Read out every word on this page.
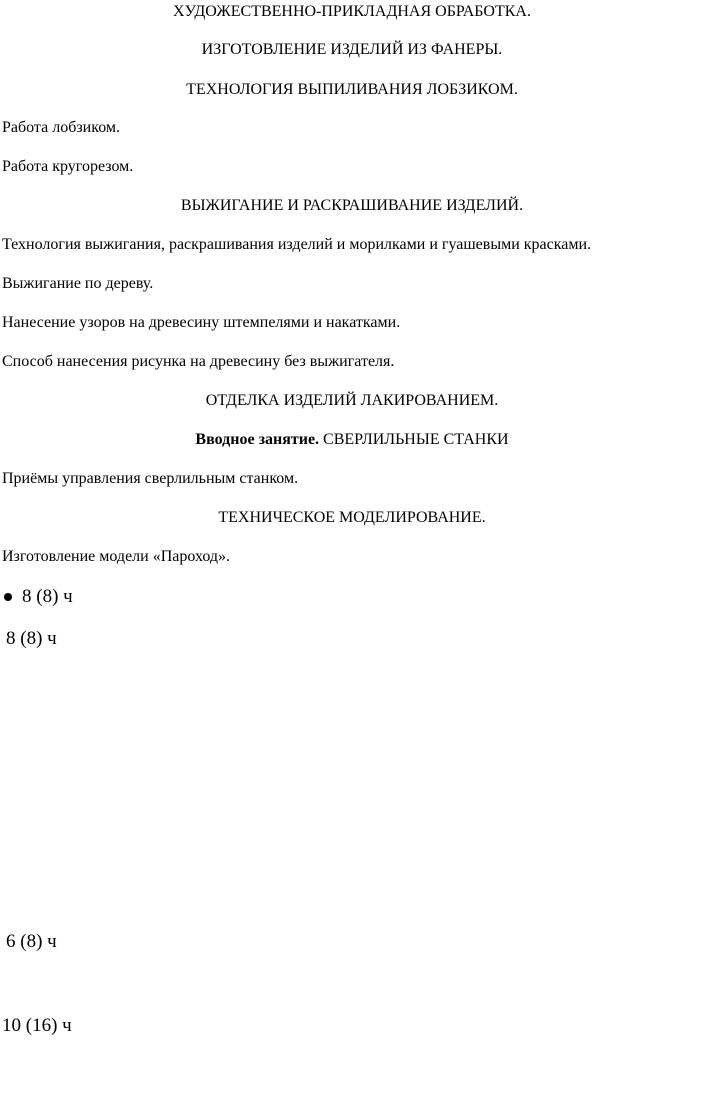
ХУДОЖЕСТВЕННО-ПРИКЛАДНАЯ ОБРАБОТКА.
ИЗГОТОВЛЕНИЕ ИЗДЕЛИЙ ИЗ ФАНЕРЫ.
ТЕХНОЛОГИЯ ВЫПИЛИВАНИЯ ЛОБЗИКОМ.
Работа лобзиком.
Работа кругорезом.
ВЫЖИГАНИЕ И РАСКРАШИВАНИЕ ИЗДЕЛИЙ.
Технология выжигания, раскрашивания изделий и морилками и гуашевыми красками.
Выжигание по дереву.
Нанесение узоров на древесину штемпелями и накатками.
Способ нанесения рисунка на древесину без выжигателя.
ОТДЕЛКА ИЗДЕЛИЙ ЛАКИРОВАНИЕМ.
Вводное занятие. СВЕРЛИЛЬНЫЕ СТАНКИ
Приёмы управления сверлильным станком.
ТЕХНИЧЕСКОЕ МОДЕЛИРОВАНИЕ.
Изготовление модели «Пароход».
8 (8) ч
8 (8) ч
6 (8) ч
10 (16) ч
